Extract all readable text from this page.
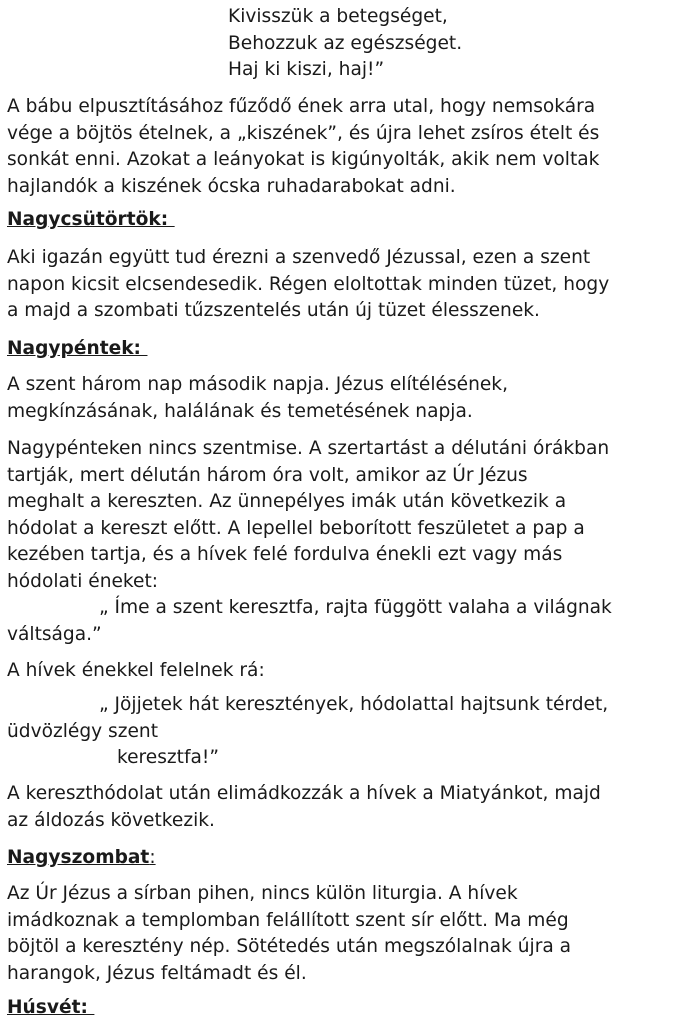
Kivisszük a betegséget,
Behozzuk az egészséget.
Haj ki kiszi, haj!”
A bábu elpusztításához fűződő ének arra utal, hogy nemsokára
vége a böjtös ételnek, a „kiszének”, és újra lehet zsíros ételt és
sonkát enni. Azokat a leányokat is kigúnyolták, akik nem voltak
hajlandók a kiszének ócska ruhadarabokat adni.
Nagycsütörtök:
Aki igazán együtt tud érezni a szenvedő Jézussal, ezen a szent
napon kicsit elcsendesedik. Régen eloltottak minden tüzet, hogy
a majd a szombati tűzszentelés után új tüzet élesszenek.
Nagypéntek:
A szent három nap második napja. Jézus elítélésének,
megkínzásának, halálának és temetésének napja.
Nagypénteken nincs szentmise. A szertartást a délutáni órákban
tartják, mert délután három óra volt, amikor az Úr Jézus
meghalt a kereszten. Az ünnepélyes imák után következik a
hódolat a kereszt előtt. A lepellel beborított feszületet a pap a
kezében tartja, és a hívek felé fordulva énekli ezt vagy más
hódolati éneket:
„ Íme a szent keresztfa, rajta függött valaha a világnak
váltsága.”
A hívek énekkel felelnek rá:
„ Jöjjetek hát keresztények, hódolattal hajtsunk térdet,
üdvözlégy szent
keresztfa!”
A kereszthódolat után elimádkozzák a hívek a Miatyánkot, majd
az áldozás következik.
Nagyszombat:
Az Úr Jézus a sírban pihen, nincs külön liturgia. A hívek
imádkoznak a templomban felállított szent sír előtt. Ma még
böjtöl a keresztény nép. Sötétedés után megszólalnak újra a
harangok, Jézus feltámadt és él.
Húsvét:
